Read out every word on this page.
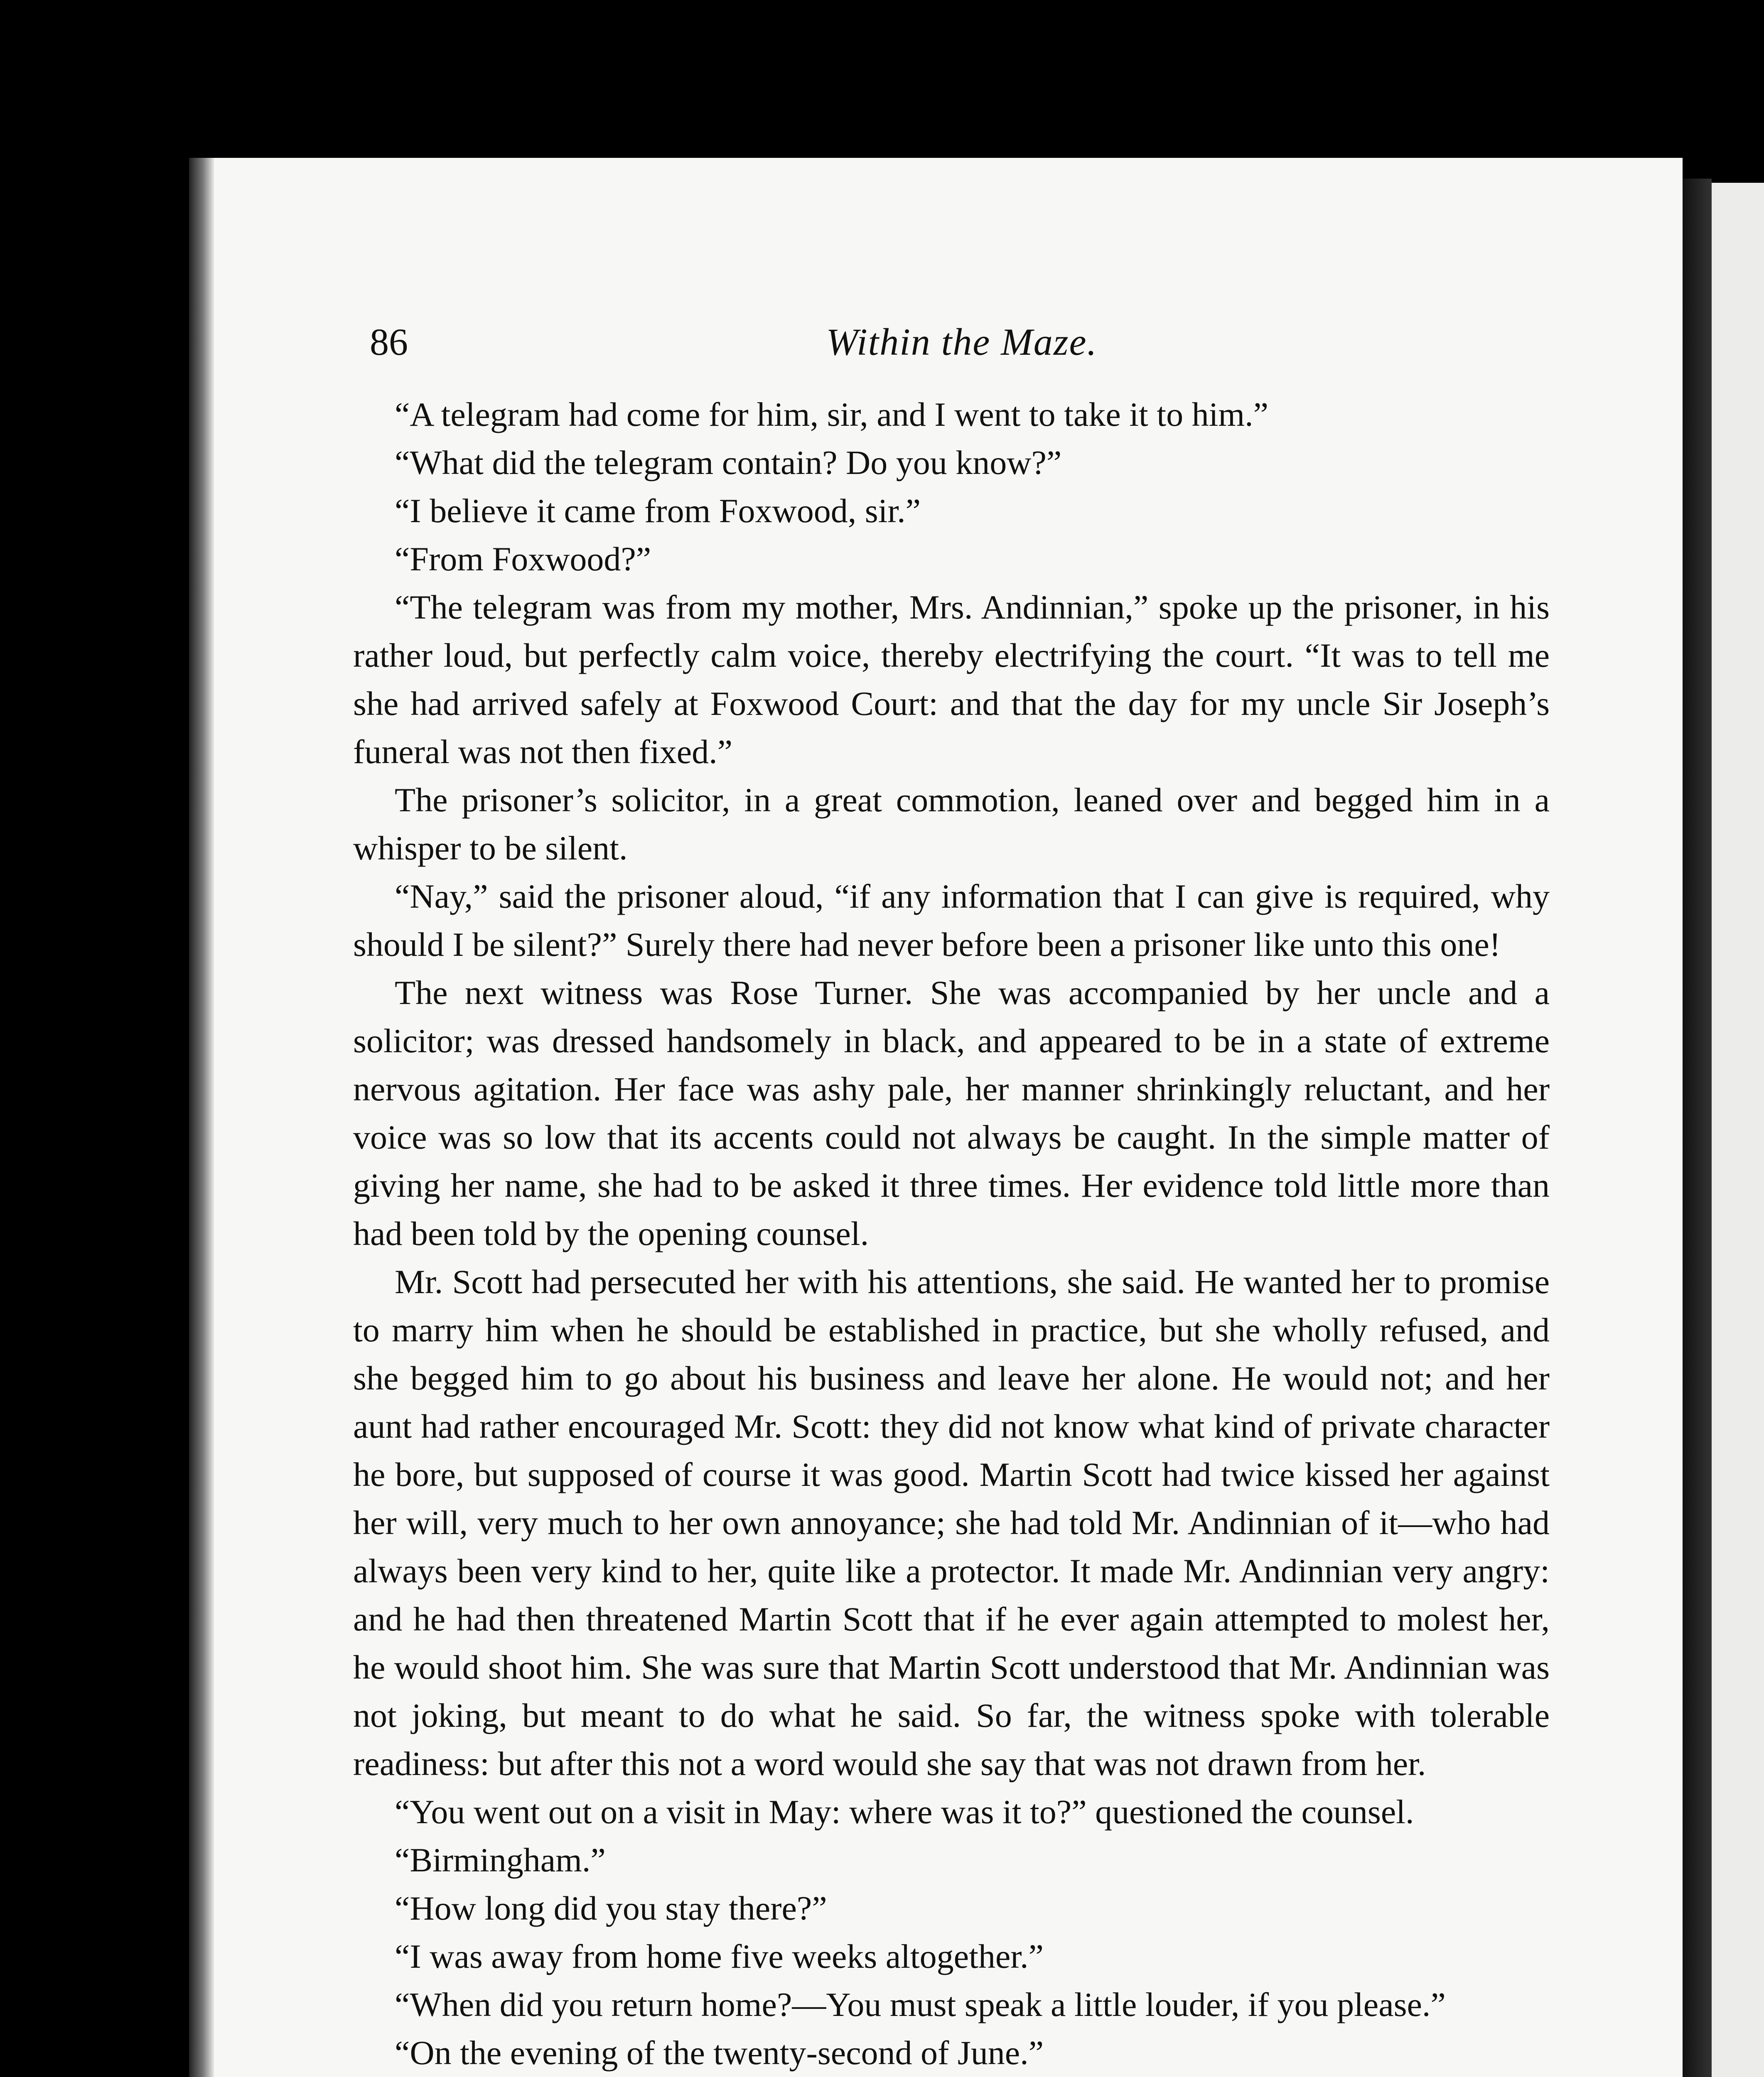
86	Within the Maze.

“A telegram had come for him, sir, and I went to take it to him.”

“What did the telegram contain? Do you know?”

“I believe it came from Foxwood, sir.”

“From Foxwood?”

“The telegram was from my mother, Mrs. Andinnian,” spoke up the prisoner, in his rather loud, but perfectly calm voice, thereby electrifying the court. “It was to tell me she had arrived safely at Foxwood Court: and that the day for my uncle Sir Joseph’s funeral was not then fixed.”

The prisoner’s solicitor, in a great commotion, leaned over and begged him in a whisper to be silent.

“Nay,” said the prisoner aloud, “if any information that I can give is required, why should I be silent?” Surely there had never before been a prisoner like unto this one!

The next witness was Rose Turner. She was accompanied by her uncle and a solicitor; was dressed handsomely in black, and appeared to be in a state of extreme nervous agitation. Her face was ashy pale, her manner shrinkingly reluctant, and her voice was so low that its accents could not always be caught. In the simple matter of giving her name, she had to be asked it three times. Her evidence told little more than had been told by the opening counsel.

Mr. Scott had persecuted her with his attentions, she said. He wanted her to promise to marry him when he should be established in practice, but she wholly refused, and she begged him to go about his business and leave her alone. He would not; and her aunt had rather encouraged Mr. Scott: they did not know what kind of private character he bore, but supposed of course it was good. Martin Scott had twice kissed her against her will, very much to her own annoyance; she had told Mr. Andinnian of it—who had always been very kind to her, quite like a protector. It made Mr. Andinnian very angry: and he had then threatened Martin Scott that if he ever again attempted to molest her, he would shoot him. She was sure that Martin Scott understood that Mr. Andinnian was not joking, but meant to do what he said. So far, the witness spoke with tolerable readiness: but after this not a word would she say that was not drawn from her.

“You went out on a visit in May: where was it to?” questioned the counsel.

“Birmingham.”

“How long did you stay there?”

“I was away from home five weeks altogether.”

“When did you return home?—You must speak a little louder, if you please.”

“On the evening of the twenty-second of June.”
